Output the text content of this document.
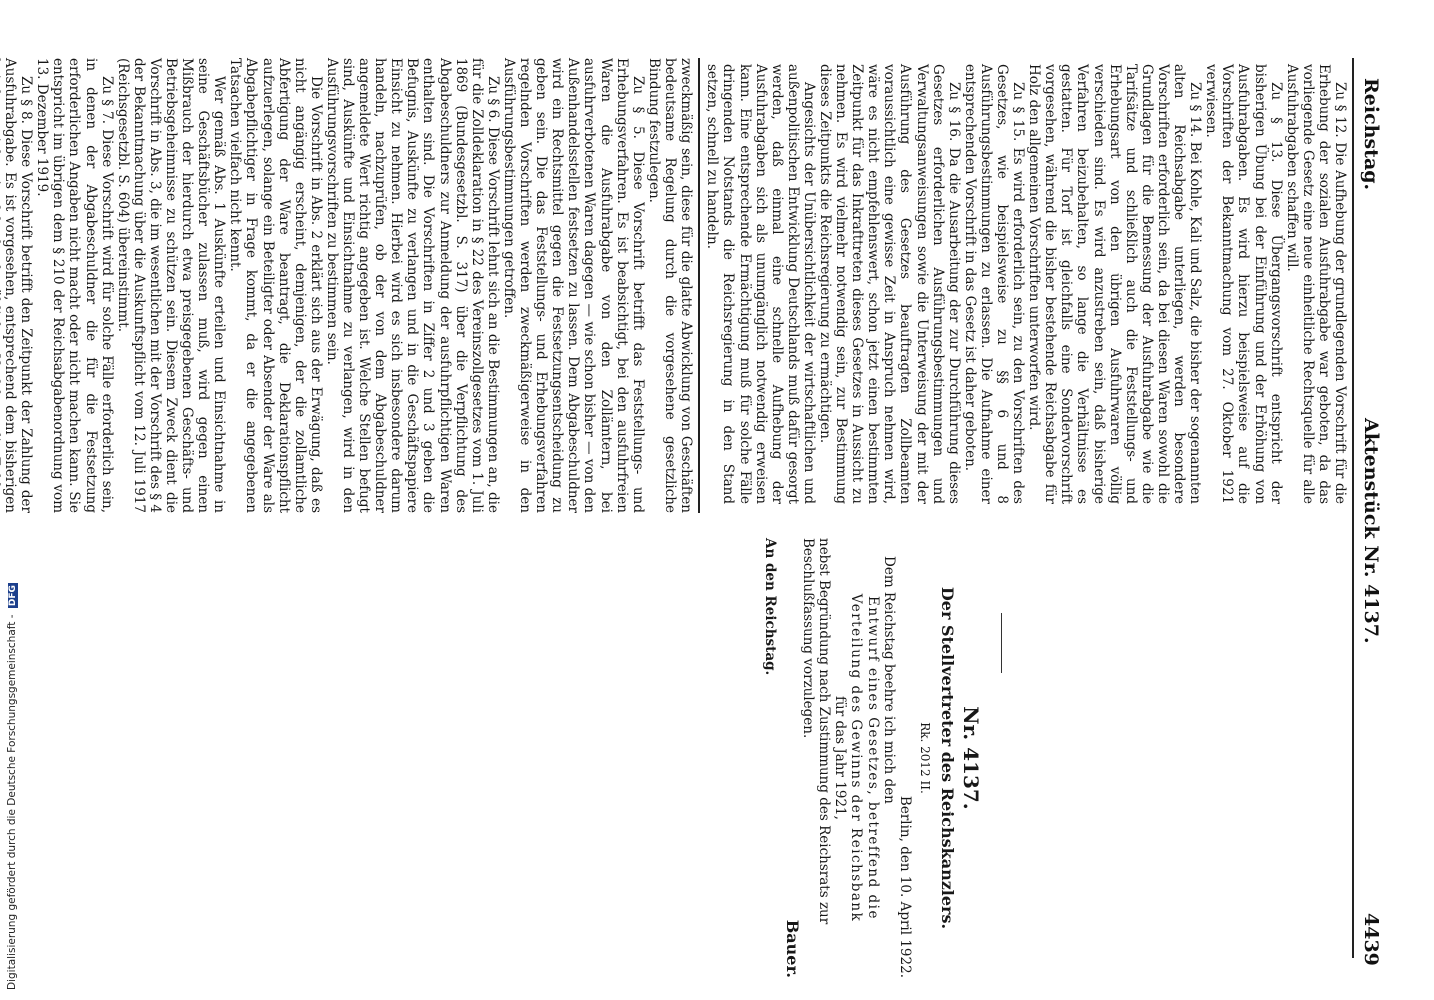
Reichstag.
Aktenstück Nr. 4137.
4439

Zu § 12. Die Aufhebung der grundlegenden Vorschrift für die Erhebung der sozialen Ausfuhrabgabe war geboten, da das vorliegende Gesetz eine neue einheitliche Rechtsquelle für alle Ausfuhrabgaben schaffen will.

Zu § 13. Diese Übergangsvorschrift entspricht der bisherigen Übung bei der Einführung und der Erhöhung von Ausfuhrabgaben. Es wird hierzu beispielsweise auf die Vorschriften der Bekanntmachung vom 27. Oktober 1921 verwiesen.

Zu § 14. Bei Kohle, Kali und Salz, die bisher der sogenannten alten Reichsabgabe unterliegen, werden besondere Vorschriften erforderlich sein, da bei diesen Waren sowohl die Grundlagen für die Bemessung der Ausfuhrabgabe wie die Tarifsätze und schließlich auch die Feststellungs- und Erhebungsart von den übrigen Ausfuhrwaren völlig verschieden sind. Es wird anzustreben sein, daß bisherige Verfahren beizubehalten, so lange die Verhältnisse es gestatten. Für Torf ist gleichfalls eine Sondervorschrift vorgesehen, während die bisher bestehende Reichsabgabe für Holz den allgemeinen Vorschriften unterworfen wird.

Zu § 15. Es wird erforderlich sein, zu den Vorschriften des Gesetzes, wie beispielsweise zu §§ 6 und 8 Ausführungsbestimmungen zu erlassen. Die Aufnahme einer entsprechenden Vorschrift in das Gesetz ist daher geboten.

Zu § 16. Da die Ausarbeitung der zur Durchführung dieses Gesetzes erforderlichen Ausführungsbestimmungen und Verwaltungsanweisungen sowie die Unterweisung der mit der Ausführung des Gesetzes beauftragten Zollbeamten voraussichtlich eine gewisse Zeit in Anspruch nehmen wird, wäre es nicht empfehlenswert, schon jetzt einen bestimmten Zeitpunkt für das Inkrafttreten dieses Gesetzes in Aussicht zu nehmen. Es wird vielmehr notwendig sein, zur Bestimmung dieses Zeitpunkts die Reichsregierung zu ermächtigen.

Angesichts der Unübersichtlichkeit der wirtschaftlichen und außenpolitischen Entwicklung Deutschlands muß dafür gesorgt werden, daß einmal eine schnelle Aufhebung der Ausfuhrabgaben sich als unumgänglich notwendig erweisen kann. Eine entsprechende Ermächtigung muß für solche Fälle dringenden Notstands die Reichsregierung in den Stand setzen, schnell zu handeln.

Nr. 4137.
Der Stellvertreter des Reichskanzlers.
Rk. 2012 II.
Berlin, den 10. April 1922.
Dem Reichstag beehre ich mich den
Entwurf eines Gesetzes, betreffend die
Verteilung des Gewinns der Reichsbank
für das Jahr 1921,
nebst Begründung nach Zustimmung des Reichsrats zur Beschlußfassung vorzulegen.
Bauer.
An den Reichstag.

zweckmäßig sein, diese für die glatte Abwicklung von Geschäften bedeutsame Regelung durch die vorgesehene gesetzliche Bindung festzulegen.

Zu § 5. Diese Vorschrift betrifft das Feststellungs- und Erhebungsverfahren. Es ist beabsichtigt, bei den ausfuhrfreien Waren die Ausfuhrabgabe von den Zollämtern, bei ausfuhrverbotenen Waren dagegen — wie schon bisher — von den Außenhandelsstellen festsetzen zu lassen. Dem Abgabeschuldner wird ein Rechtsmittel gegen die Festsetzungsentscheidung zu geben sein. Die das Feststellungs- und Erhebungsverfahren regelnden Vorschriften werden zweckmäßigerweise in den Ausführungsbestimmungen getroffen.

Zu § 6. Diese Vorschrift lehnt sich an die Bestimmungen an, die für die Zolldeklaration in § 22 des Vereinszollgesetzes vom 1. Juli 1869 (Bundesgesetzbl. S. 317) über die Verpflichtung des Abgabeschuldners zur Anmeldung der ausfuhrpflichtigen Waren enthalten sind. Die Vorschriften in Ziffer 2 und 3 geben die Befugnis, Auskünfte zu verlangen und in die Geschäftspapiere Einsicht zu nehmen. Hierbei wird es sich insbesondere darum handeln, nachzuprüfen, ob der von dem Abgabeschuldner angemeldete Wert richtig angegeben ist. Welche Stellen befugt sind, Auskünfte und Einsichtnahme zu verlangen, wird in den Ausführungsvorschriften zu bestimmen sein.

Die Vorschrift in Abs. 2 erklärt sich aus der Erwägung, daß es nicht angängig erscheint, demjenigen, der die zollamtliche Abfertigung der Ware beantragt, die Deklarationspflicht aufzuerlegen, solange ein Beteiligter oder Absender der Ware als Abgabepflichtiger in Frage kommt, da er die angegebenen Tatsachen vielfach nicht kennt.

Wer gemäß Abs. 1 Auskünfte erteilen und Einsichtnahme in seine Geschäftsbücher zulassen muß, wird gegen einen Mißbrauch der hierdurch etwa preisgegebenen Geschäfts- und Betriebsgeheimnisse zu schützen sein. Diesem Zweck dient die Vorschrift in Abs. 3, die im wesentlichen mit der Vorschrift des § 4 der Bekanntmachung über die Auskunftspflicht vom 12. Juli 1917 (Reichsgesetzbl. S. 604) übereinstimmt.

Zu § 7. Diese Vorschrift wird für solche Fälle erforderlich sein, in denen der Abgabeschuldner die für die Festsetzung erforderlichen Angaben nicht macht oder nicht machen kann. Sie entspricht im übrigen dem § 210 der Reichsabgabenordnung vom 13. Dezember 1919.

Zu § 8. Diese Vorschrift betrifft den Zeitpunkt der Zahlung der Ausfuhrabgabe. Es ist vorgesehen, entsprechend dem bisherigen

Digitalisierung gefördert durch die Deutsche Forschungsgemeinschaft - DFG
